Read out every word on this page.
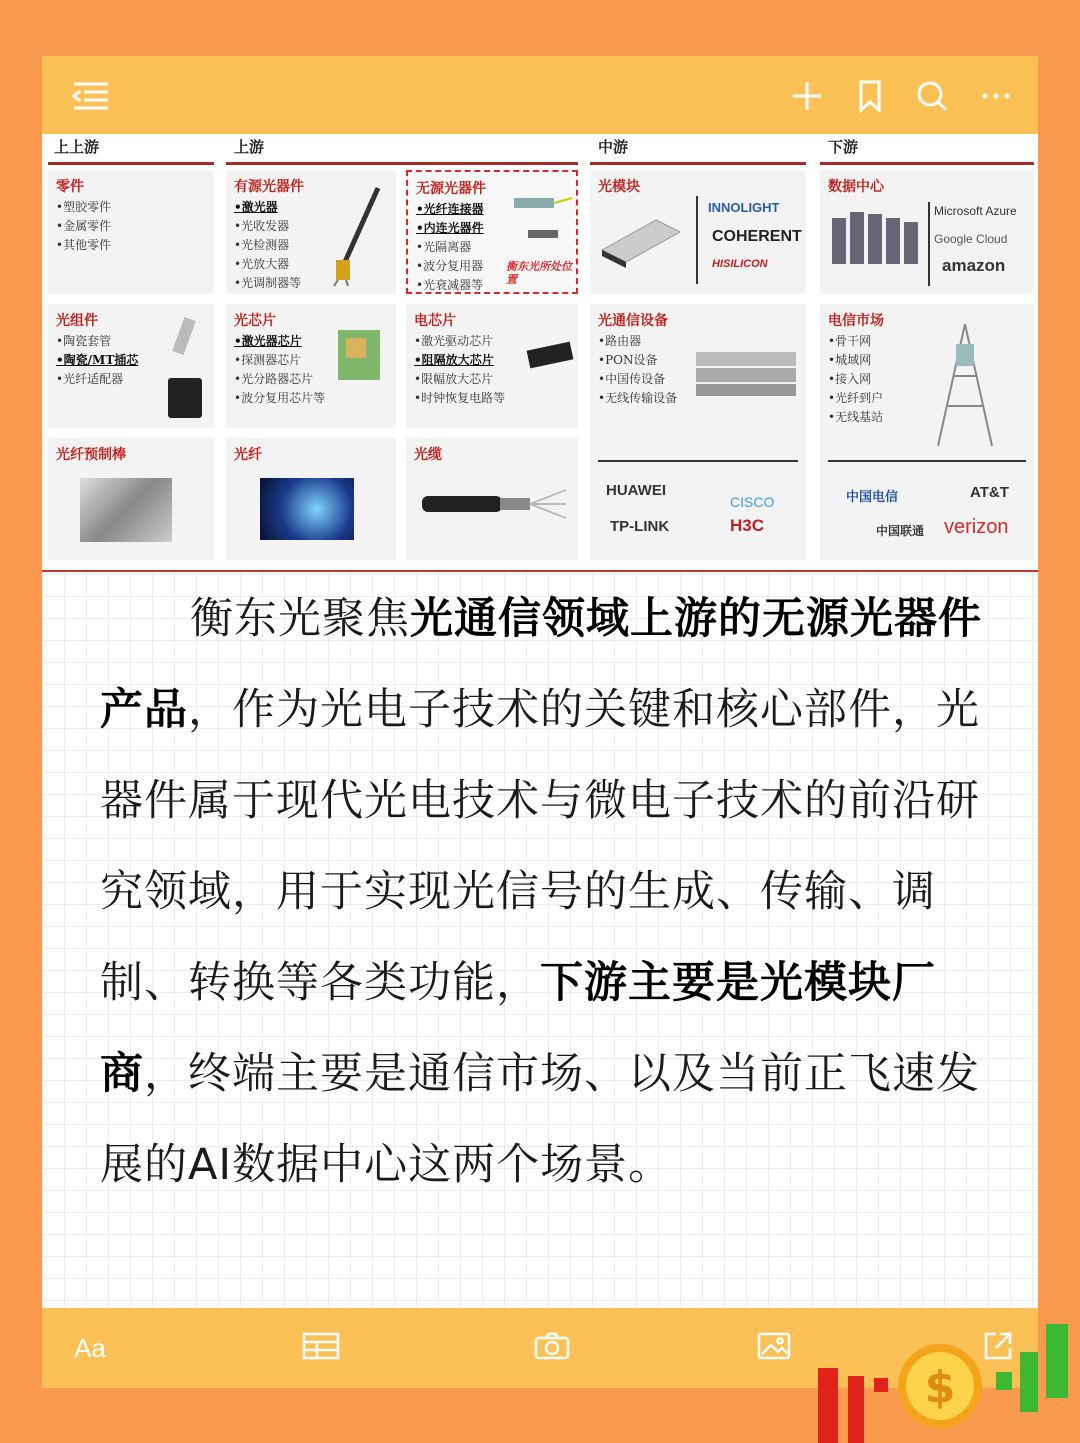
上上游	上游	中游	下游
零件
•塑胶零件
•金属零件
•其他零件
有源光器件
•激光器
•光收发器
•光检测器
•光放大器
•光调制器等
无源光器件
•光纤连接器
•内连光器件
•光隔离器
•波分复用器
•光衰减器等
衡东光所处位置
光模块
INNOLIGHT
COHERENT
HISILICON
数据中心
Microsoft Azure
Google Cloud
amazon
光组件
•陶瓷套管
•陶瓷/MT插芯
•光纤适配器
光芯片
•激光器芯片
•探测器芯片
•光分路器芯片
•波分复用芯片等
电芯片
•激光驱动芯片
•阻隔放大芯片
•限幅放大芯片
•时钟恢复电路等
光通信设备
•路由器
•PON设备
•中国传设备
•无线传输设备
HUAWEI
CISCO
TP-LINK	H3C
电信市场
•骨干网
•城域网
•接入网
•光纤到户
•无线基站
中国电信	AT&T
中国联通 verizon
光纤预制棒	光纤	光缆
衡东光聚焦光通信领域上游的无源光器件产品，作为光电子技术的关键和核心部件，光器件属于现代光电技术与微电子技术的前沿研究领域，用于实现光信号的生成、传输、调制、转换等各类功能，下游主要是光模块厂商，终端主要是通信市场、以及当前正飞速发展的AI数据中心这两个场景。
Aa
$
